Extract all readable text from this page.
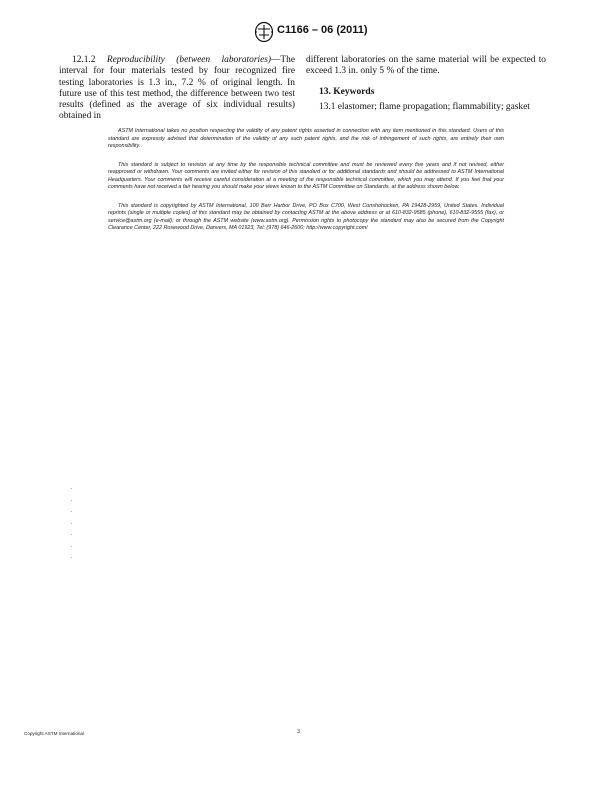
C1166 – 06 (2011)

12.1.2 Reproducibility (between laboratories)—The interval for four materials tested by four recognized fire testing laboratories is 1.3 in., 7.2 % of original length. In future use of this test method, the difference between two test results (defined as the average of six individual results) obtained in

different laboratories on the same material will be expected to exceed 1.3 in. only 5 % of the time.

13. Keywords
13.1 elastomer; flame propagation; flammability; gasket

ASTM International takes no position respecting the validity of any patent rights asserted in connection with any item mentioned in this standard. Users of this standard are expressly advised that determination of the validity of any such patent rights, and the risk of infringement of such rights, are entirely their own responsibility.

This standard is subject to revision at any time by the responsible technical committee and must be reviewed every five years and if not revised, either reapproved or withdrawn. Your comments are invited either for revision of this standard or for additional standards and should be addressed to ASTM International Headquarters. Your comments will receive careful consideration at a meeting of the responsible technical committee, which you may attend. If you feel that your comments have not received a fair hearing you should make your views known to the ASTM Committee on Standards, at the address shown below.

This standard is copyrighted by ASTM International, 100 Barr Harbor Drive, PO Box C700, West Conshohocken, PA 19428-2959, United States. Individual reprints (single or multiple copies) of this standard may be obtained by contacting ASTM at the above address or at 610-832-9585 (phone), 610-832-9555 (fax), or service@astm.org (e-mail); or through the ASTM website (www.astm.org). Permission rights to photocopy the standard may also be secured from the Copyright Clearance Center, 222 Rosewood Drive, Danvers, MA 01923, Tel: (978) 646-2600; http://www.copyright.com/

Copyright ASTM International	3
